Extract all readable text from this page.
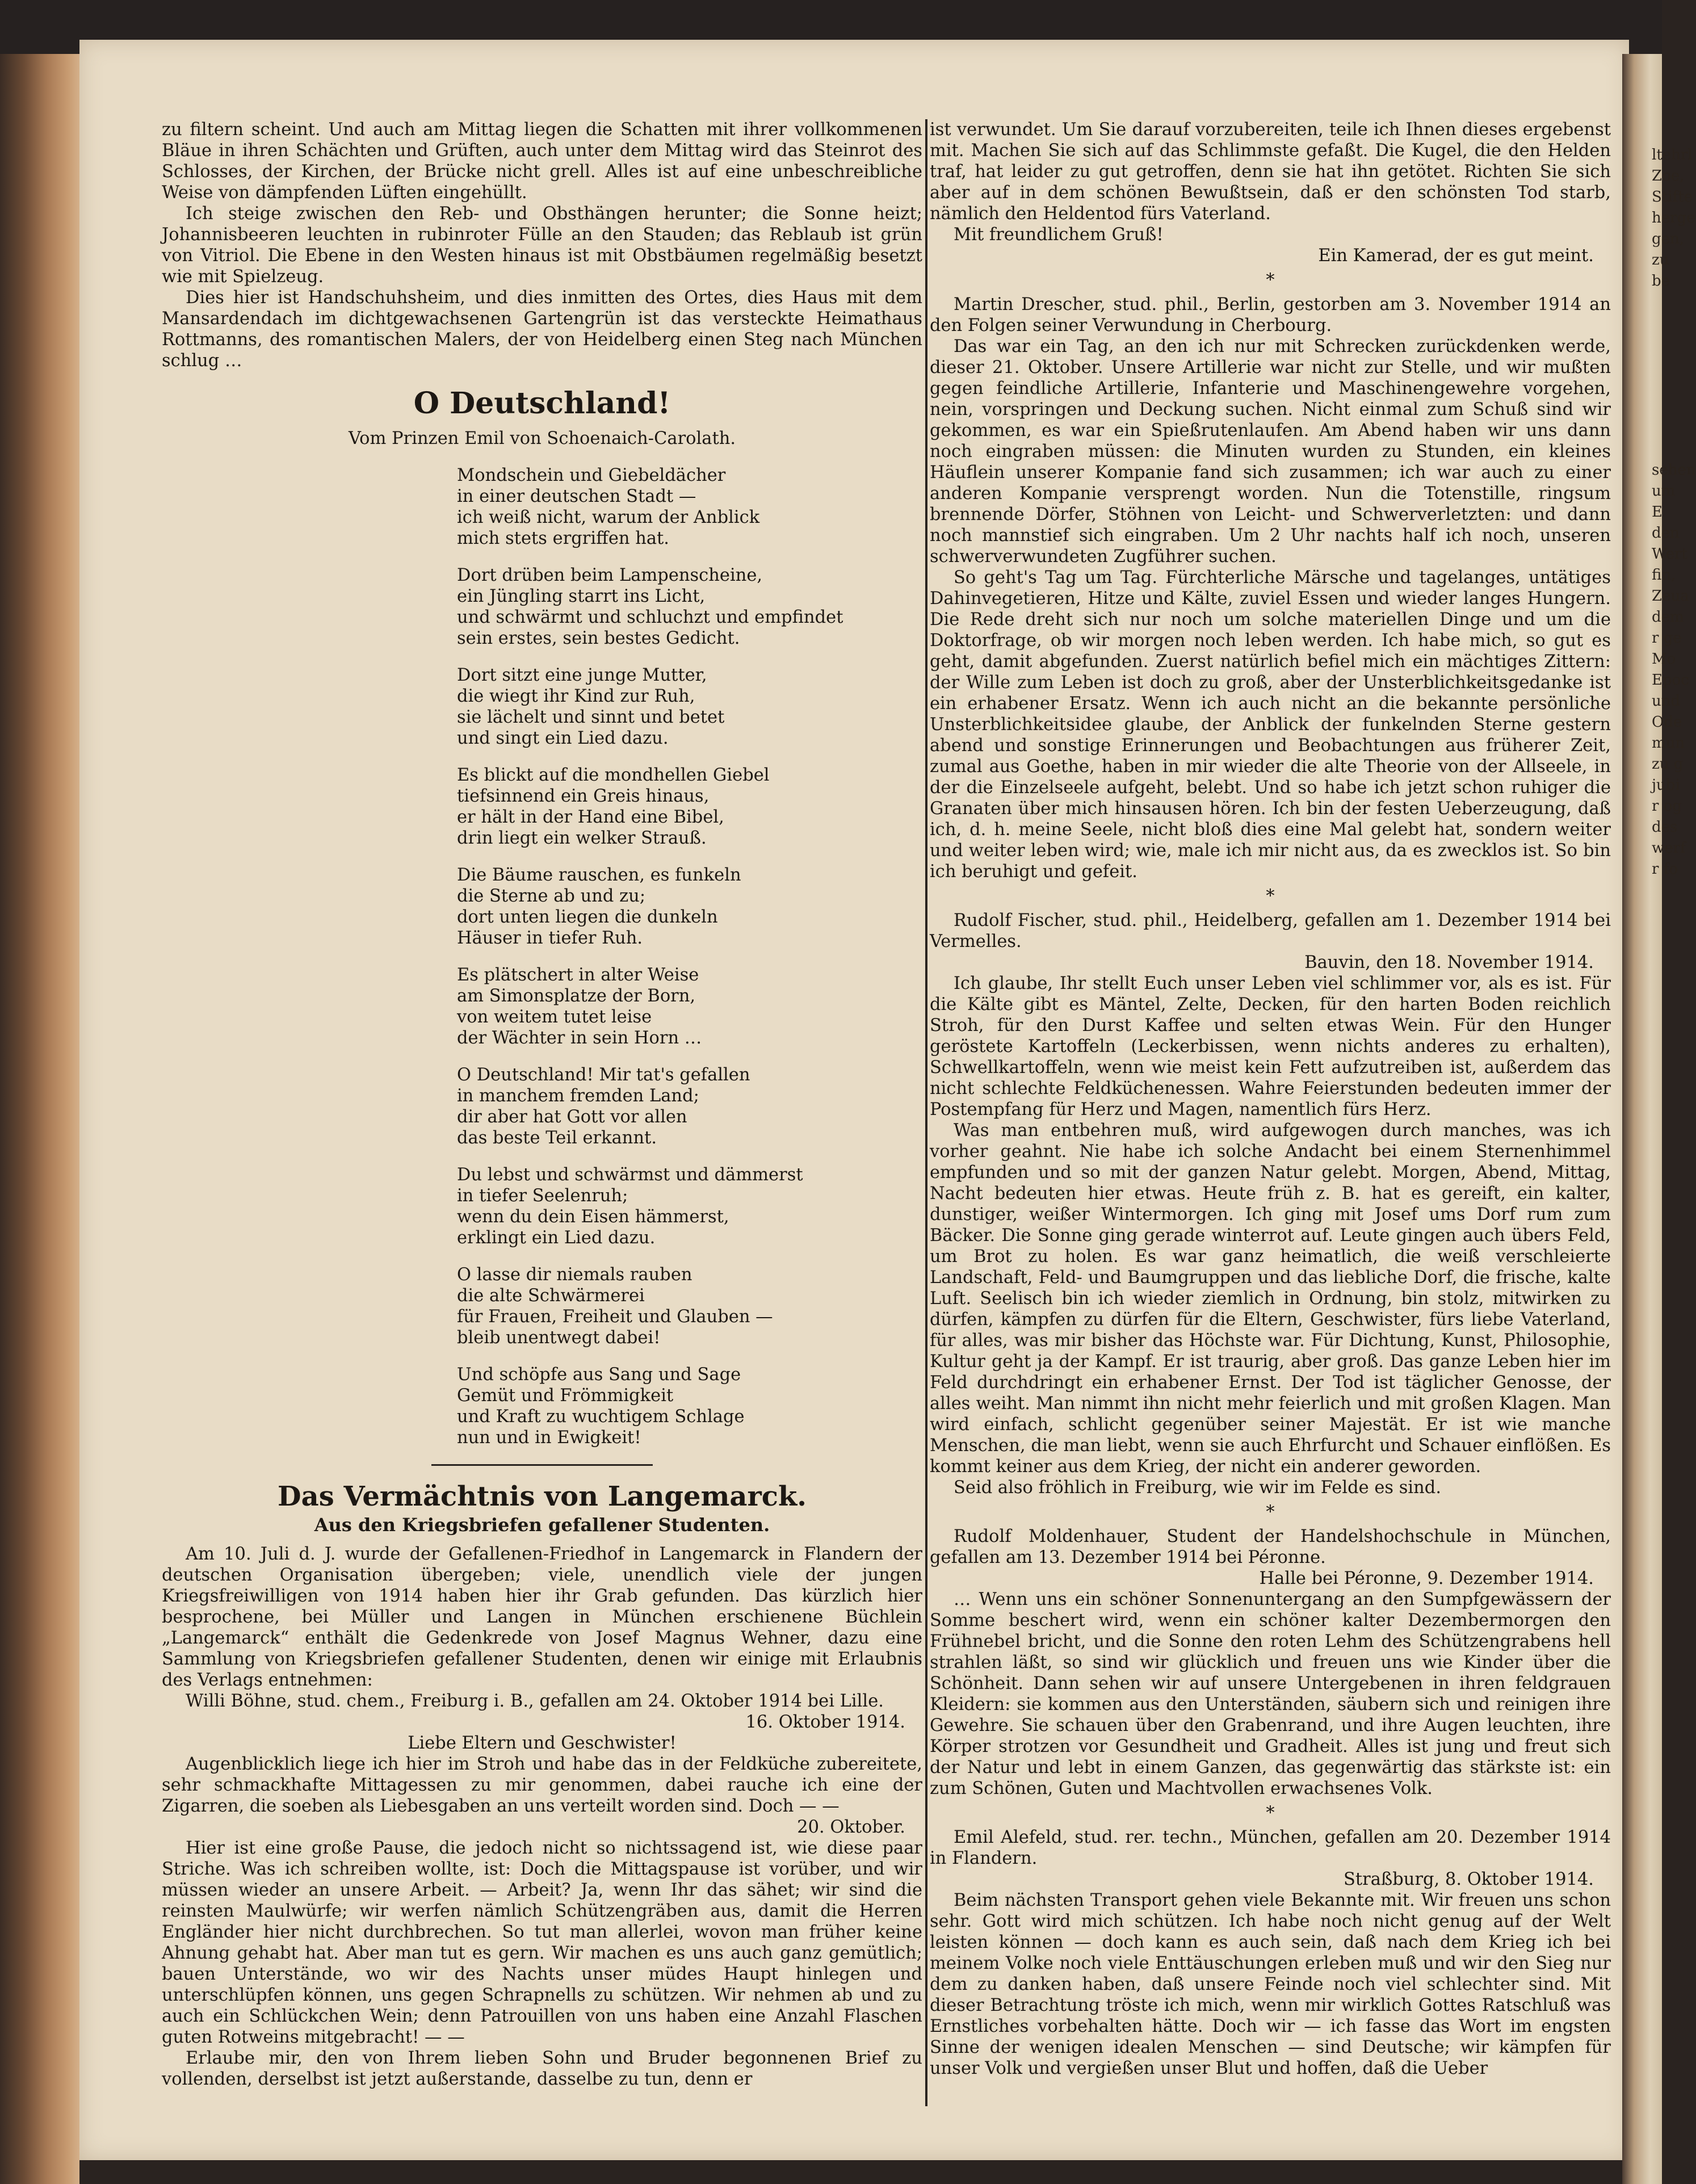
zu filtern scheint. Und auch am Mittag liegen die Schatten mit ihrer vollkommenen Bläue in ihren Schächten und Grüften, auch unter dem Mittag wird das Steinrot des Schlosses, der Kirchen, der Brücke nicht grell. Alles ist auf eine unbeschreibliche Weise von dämpfenden Lüften eingehüllt.

Ich steige zwischen den Reb- und Obsthängen herunter; die Sonne heizt; Johannisbeeren leuchten in rubinroter Fülle an den Stauden; das Reblaub ist grün von Vitriol. Die Ebene in den Westen hinaus ist mit Obstbäumen regelmäßig besetzt wie mit Spielzeug.

Dies hier ist Handschuhsheim, und dies inmitten des Ortes, dies Haus mit dem Mansardendach im dichtgewachsenen Gartengrün ist das versteckte Heimathaus Rottmanns, des romantischen Malers, der von Heidelberg einen Steg nach München schlug …

O Deutschland!
Vom Prinzen Emil von Schoenaich-Carolath.
Mondschein und Giebeldächer
in einer deutschen Stadt —
ich weiß nicht, warum der Anblick
mich stets ergriffen hat.
Dort drüben beim Lampenscheine,
ein Jüngling starrt ins Licht,
und schwärmt und schluchzt und empfindet
sein erstes, sein bestes Gedicht.
Dort sitzt eine junge Mutter,
die wiegt ihr Kind zur Ruh,
sie lächelt und sinnt und betet
und singt ein Lied dazu.
Es blickt auf die mondhellen Giebel
tiefsinnend ein Greis hinaus,
er hält in der Hand eine Bibel,
drin liegt ein welker Strauß.
Die Bäume rauschen, es funkeln
die Sterne ab und zu;
dort unten liegen die dunkeln
Häuser in tiefer Ruh.
Es plätschert in alter Weise
am Simonsplatze der Born,
von weitem tutet leise
der Wächter in sein Horn …
O Deutschland! Mir tat's gefallen
in manchem fremden Land;
dir aber hat Gott vor allen
das beste Teil erkannt.
Du lebst und schwärmst und dämmerst
in tiefer Seelenruh;
wenn du dein Eisen hämmerst,
erklingt ein Lied dazu.
O lasse dir niemals rauben
die alte Schwärmerei
für Frauen, Freiheit und Glauben —
bleib unentwegt dabei!
Und schöpfe aus Sang und Sage
Gemüt und Frömmigkeit
und Kraft zu wuchtigem Schlage
nun und in Ewigkeit!
Das Vermächtnis von Langemarck.
Aus den Kriegsbriefen gefallener Studenten.

Am 10. Juli d. J. wurde der Gefallenen-Friedhof in Langemarck in Flandern der deutschen Organisation übergeben; viele, unendlich viele der jungen Kriegsfreiwilligen von 1914 haben hier ihr Grab gefunden. Das kürzlich hier besprochene, bei Müller und Langen in München erschienene Büchlein „Langemarck“ enthält die Gedenkrede von Josef Magnus Wehner, dazu eine Sammlung von Kriegsbriefen gefallener Studenten, denen wir einige mit Erlaubnis des Verlags entnehmen:

Willi Böhne, stud. chem., Freiburg i. B., gefallen am 24. Oktober 1914 bei Lille.

16. Oktober 1914.

Liebe Eltern und Geschwister!

Augenblicklich liege ich hier im Stroh und habe das in der Feldküche zubereitete, sehr schmackhafte Mittagessen zu mir genommen, dabei rauche ich eine der Zigarren, die soeben als Liebesgaben an uns verteilt worden sind. Doch — —

20. Oktober.

Hier ist eine große Pause, die jedoch nicht so nichtssagend ist, wie diese paar Striche. Was ich schreiben wollte, ist: Doch die Mittagspause ist vorüber, und wir müssen wieder an unsere Arbeit. — Arbeit? Ja, wenn Ihr das sähet; wir sind die reinsten Maulwürfe; wir werfen nämlich Schützengräben aus, damit die Herren Engländer hier nicht durchbrechen. So tut man allerlei, wovon man früher keine Ahnung gehabt hat. Aber man tut es gern. Wir machen es uns auch ganz gemütlich; bauen Unterstände, wo wir des Nachts unser müdes Haupt hinlegen und unterschlüpfen können, uns gegen Schrapnells zu schützen. Wir nehmen ab und zu auch ein Schlückchen Wein; denn Patrouillen von uns haben eine Anzahl Flaschen guten Rotweins mitgebracht! — —

Erlaube mir, den von Ihrem lieben Sohn und Bruder begonnenen Brief zu vollenden, derselbst ist jetzt außerstande, dasselbe zu tun, denn er

ist verwundet. Um Sie darauf vorzubereiten, teile ich Ihnen dieses ergebenst mit. Machen Sie sich auf das Schlimmste gefaßt. Die Kugel, die den Helden traf, hat leider zu gut getroffen, denn sie hat ihn getötet. Richten Sie sich aber auf in dem schönen Bewußtsein, daß er den schönsten Tod starb, nämlich den Heldentod fürs Vaterland.

Mit freundlichem Gruß!

Ein Kamerad, der es gut meint.

*

Martin Drescher, stud. phil., Berlin, gestorben am 3. November 1914 an den Folgen seiner Verwundung in Cherbourg.

Das war ein Tag, an den ich nur mit Schrecken zurückdenken werde, dieser 21. Oktober. Unsere Artillerie war nicht zur Stelle, und wir mußten gegen feindliche Artillerie, Infanterie und Maschinengewehre vorgehen, nein, vorspringen und Deckung suchen. Nicht einmal zum Schuß sind wir gekommen, es war ein Spießrutenlaufen. Am Abend haben wir uns dann noch eingraben müssen: die Minuten wurden zu Stunden, ein kleines Häuflein unserer Kompanie fand sich zusammen; ich war auch zu einer anderen Kompanie versprengt worden. Nun die Totenstille, ringsum brennende Dörfer, Stöhnen von Leicht- und Schwerverletzten: und dann noch mannstief sich eingraben. Um 2 Uhr nachts half ich noch, unseren schwerverwundeten Zugführer suchen.

So geht's Tag um Tag. Fürchterliche Märsche und tagelanges, untätiges Dahinvegetieren, Hitze und Kälte, zuviel Essen und wieder langes Hungern. Die Rede dreht sich nur noch um solche materiellen Dinge und um die Doktorfrage, ob wir morgen noch leben werden. Ich habe mich, so gut es geht, damit abgefunden. Zuerst natürlich befiel mich ein mächtiges Zittern: der Wille zum Leben ist doch zu groß, aber der Unsterblichkeitsgedanke ist ein erhabener Ersatz. Wenn ich auch nicht an die bekannte persönliche Unsterblichkeitsidee glaube, der Anblick der funkelnden Sterne gestern abend und sonstige Erinnerungen und Beobachtungen aus früherer Zeit, zumal aus Goethe, haben in mir wieder die alte Theorie von der Allseele, in der die Einzelseele aufgeht, belebt. Und so habe ich jetzt schon ruhiger die Granaten über mich hinsausen hören. Ich bin der festen Ueberzeugung, daß ich, d. h. meine Seele, nicht bloß dies eine Mal gelebt hat, sondern weiter und weiter leben wird; wie, male ich mir nicht aus, da es zwecklos ist. So bin ich beruhigt und gefeit.

*

Rudolf Fischer, stud. phil., Heidelberg, gefallen am 1. Dezember 1914 bei Vermelles.

Bauvin, den 18. November 1914.

Ich glaube, Ihr stellt Euch unser Leben viel schlimmer vor, als es ist. Für die Kälte gibt es Mäntel, Zelte, Decken, für den harten Boden reichlich Stroh, für den Durst Kaffee und selten etwas Wein. Für den Hunger geröstete Kartoffeln (Leckerbissen, wenn nichts anderes zu erhalten), Schwellkartoffeln, wenn wie meist kein Fett aufzutreiben ist, außerdem das nicht schlechte Feldküchenessen. Wahre Feierstunden bedeuten immer der Postempfang für Herz und Magen, namentlich fürs Herz.

Was man entbehren muß, wird aufgewogen durch manches, was ich vorher geahnt. Nie habe ich solche Andacht bei einem Sternenhimmel empfunden und so mit der ganzen Natur gelebt. Morgen, Abend, Mittag, Nacht bedeuten hier etwas. Heute früh z. B. hat es gereift, ein kalter, dunstiger, weißer Wintermorgen. Ich ging mit Josef ums Dorf rum zum Bäcker. Die Sonne ging gerade winterrot auf. Leute gingen auch übers Feld, um Brot zu holen. Es war ganz heimatlich, die weiß verschleierte Landschaft, Feld- und Baumgruppen und das liebliche Dorf, die frische, kalte Luft. Seelisch bin ich wieder ziemlich in Ordnung, bin stolz, mitwirken zu dürfen, kämpfen zu dürfen für die Eltern, Geschwister, fürs liebe Vaterland, für alles, was mir bisher das Höchste war. Für Dichtung, Kunst, Philosophie, Kultur geht ja der Kampf. Er ist traurig, aber groß. Das ganze Leben hier im Feld durchdringt ein erhabener Ernst. Der Tod ist täglicher Genosse, der alles weiht. Man nimmt ihn nicht mehr feierlich und mit großen Klagen. Man wird einfach, schlicht gegenüber seiner Majestät. Er ist wie manche Menschen, die man liebt, wenn sie auch Ehrfurcht und Schauer einflößen. Es kommt keiner aus dem Krieg, der nicht ein anderer geworden.

Seid also fröhlich in Freiburg, wie wir im Felde es sind.

*

Rudolf Moldenhauer, Student der Handelshochschule in München, gefallen am 13. Dezember 1914 bei Péronne.

Halle bei Péronne, 9. Dezember 1914.

… Wenn uns ein schöner Sonnenuntergang an den Sumpfgewässern der Somme beschert wird, wenn ein schöner kalter Dezembermorgen den Frühnebel bricht, und die Sonne den roten Lehm des Schützengrabens hell strahlen läßt, so sind wir glücklich und freuen uns wie Kinder über die Schönheit. Dann sehen wir auf unsere Untergebenen in ihren feldgrauen Kleidern: sie kommen aus den Unterständen, säubern sich und reinigen ihre Gewehre. Sie schauen über den Grabenrand, und ihre Augen leuchten, ihre Körper strotzen vor Gesundheit und Gradheit. Alles ist jung und freut sich der Natur und lebt in einem Ganzen, das gegenwärtig das stärkste ist: ein zum Schönen, Guten und Machtvollen erwachsenes Volk.

*

Emil Alefeld, stud. rer. techn., München, gefallen am 20. Dezember 1914 in Flandern.

Straßburg, 8. Oktober 1914.

Beim nächsten Transport gehen viele Bekannte mit. Wir freuen uns schon sehr. Gott wird mich schützen. Ich habe noch nicht genug auf der Welt leisten können — doch kann es auch sein, daß nach dem Krieg ich bei meinem Volke noch viele Enttäuschungen erleben muß und wir den Sieg nur dem zu danken haben, daß unsere Feinde noch viel schlechter sind. Mit dieser Betrachtung tröste ich mich, wenn mir wirklich Gottes Ratschluß was Ernstliches vorbehalten hätte. Doch wir — ich fasse das Wort im engsten Sinne der wenigen idealen Menschen — sind Deutsche; wir kämpfen für unser Volk und vergießen unser Blut und hoffen, daß die Ueber

ltehrl
Zoe,
Stifte
herge
gen,
zu be

sehen
um E
den
Wert
fin,
Zeua
dem
r ge
Mo
Epoc
und
Ode
mun
zu g
jubi
r og
des
werf
r fo
